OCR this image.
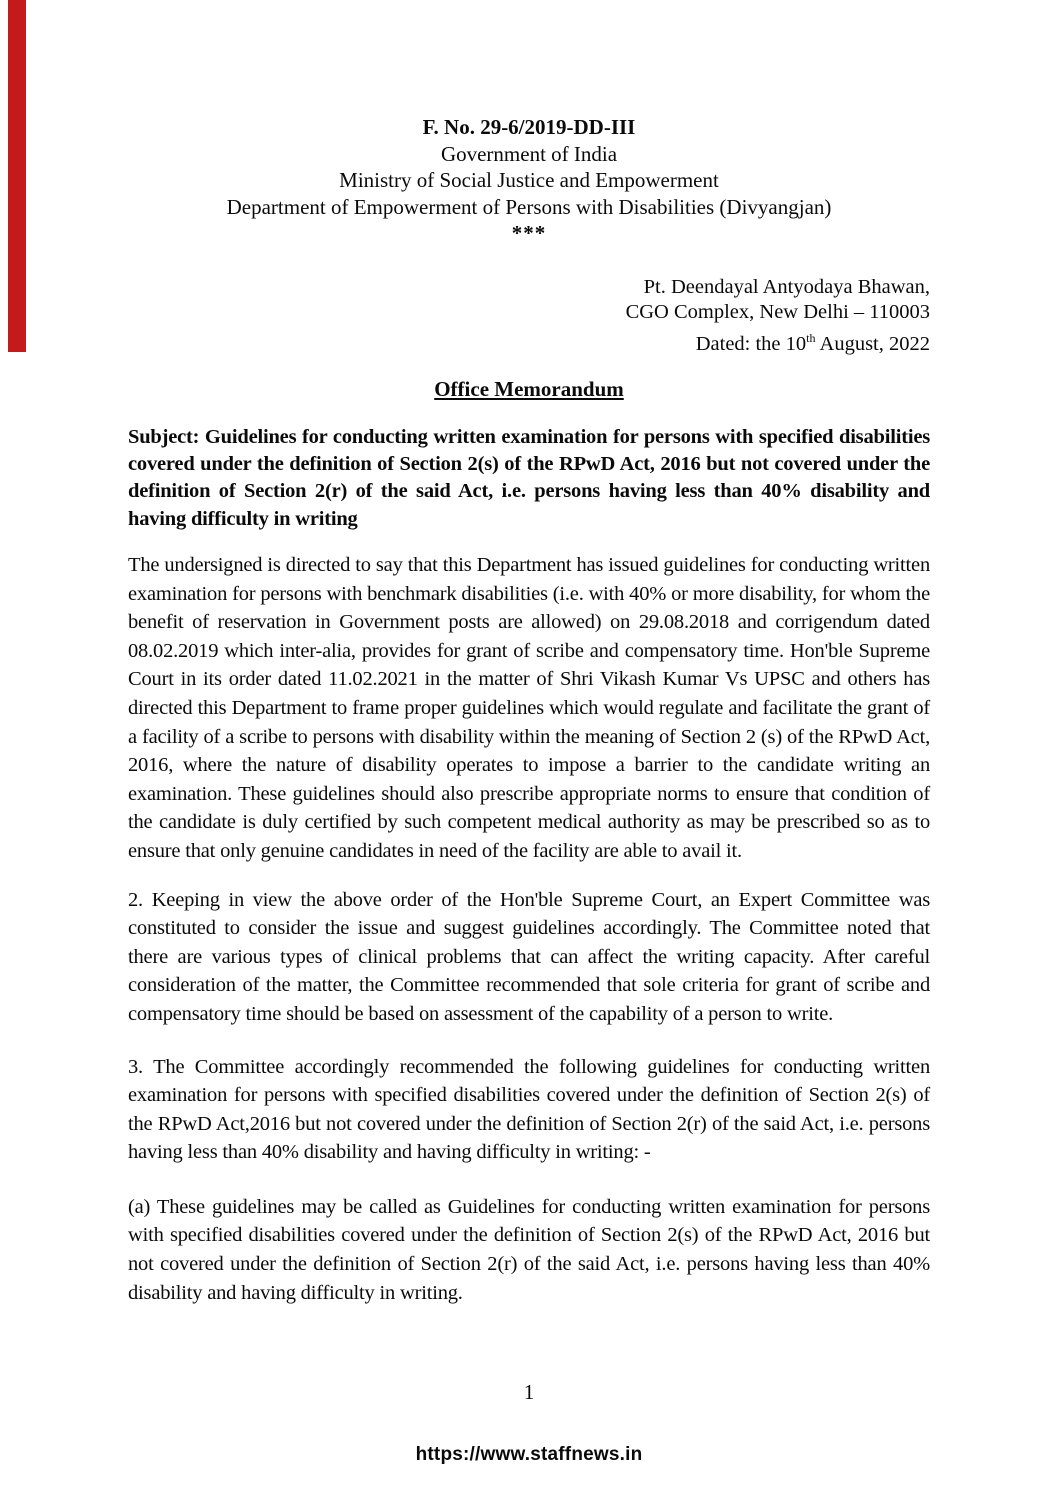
F. No. 29-6/2019-DD-III
Government of India
Ministry of Social Justice and Empowerment
Department of Empowerment of Persons with Disabilities (Divyangjan)
***
Pt. Deendayal Antyodaya Bhawan,
CGO Complex, New Delhi – 110003
Dated: the 10th August, 2022
Office Memorandum

Subject: Guidelines for conducting written examination for persons with specified disabilities covered under the definition of Section 2(s) of the RPwD Act, 2016 but not covered under the definition of Section 2(r) of the said Act, i.e. persons having less than 40% disability and having difficulty in writing

The undersigned is directed to say that this Department has issued guidelines for conducting written examination for persons with benchmark disabilities (i.e. with 40% or more disability, for whom the benefit of reservation in Government posts are allowed) on 29.08.2018 and corrigendum dated 08.02.2019 which inter-alia, provides for grant of scribe and compensatory time. Hon'ble Supreme Court in its order dated 11.02.2021 in the matter of Shri Vikash Kumar Vs UPSC and others has directed this Department to frame proper guidelines which would regulate and facilitate the grant of a facility of a scribe to persons with disability within the meaning of Section 2 (s) of the RPwD Act, 2016, where the nature of disability operates to impose a barrier to the candidate writing an examination. These guidelines should also prescribe appropriate norms to ensure that condition of the candidate is duly certified by such competent medical authority as may be prescribed so as to ensure that only genuine candidates in need of the facility are able to avail it.

2. Keeping in view the above order of the Hon'ble Supreme Court, an Expert Committee was constituted to consider the issue and suggest guidelines accordingly. The Committee noted that there are various types of clinical problems that can affect the writing capacity. After careful consideration of the matter, the Committee recommended that sole criteria for grant of scribe and compensatory time should be based on assessment of the capability of a person to write.

3. The Committee accordingly recommended the following guidelines for conducting written examination for persons with specified disabilities covered under the definition of Section 2(s) of the RPwD Act,2016 but not covered under the definition of Section 2(r) of the said Act, i.e. persons having less than 40% disability and having difficulty in writing: -

(a) These guidelines may be called as Guidelines for conducting written examination for persons with specified disabilities covered under the definition of Section 2(s) of the RPwD Act, 2016 but not covered under the definition of Section 2(r) of the said Act, i.e. persons having less than 40% disability and having difficulty in writing.

1
https://www.staffnews.in
